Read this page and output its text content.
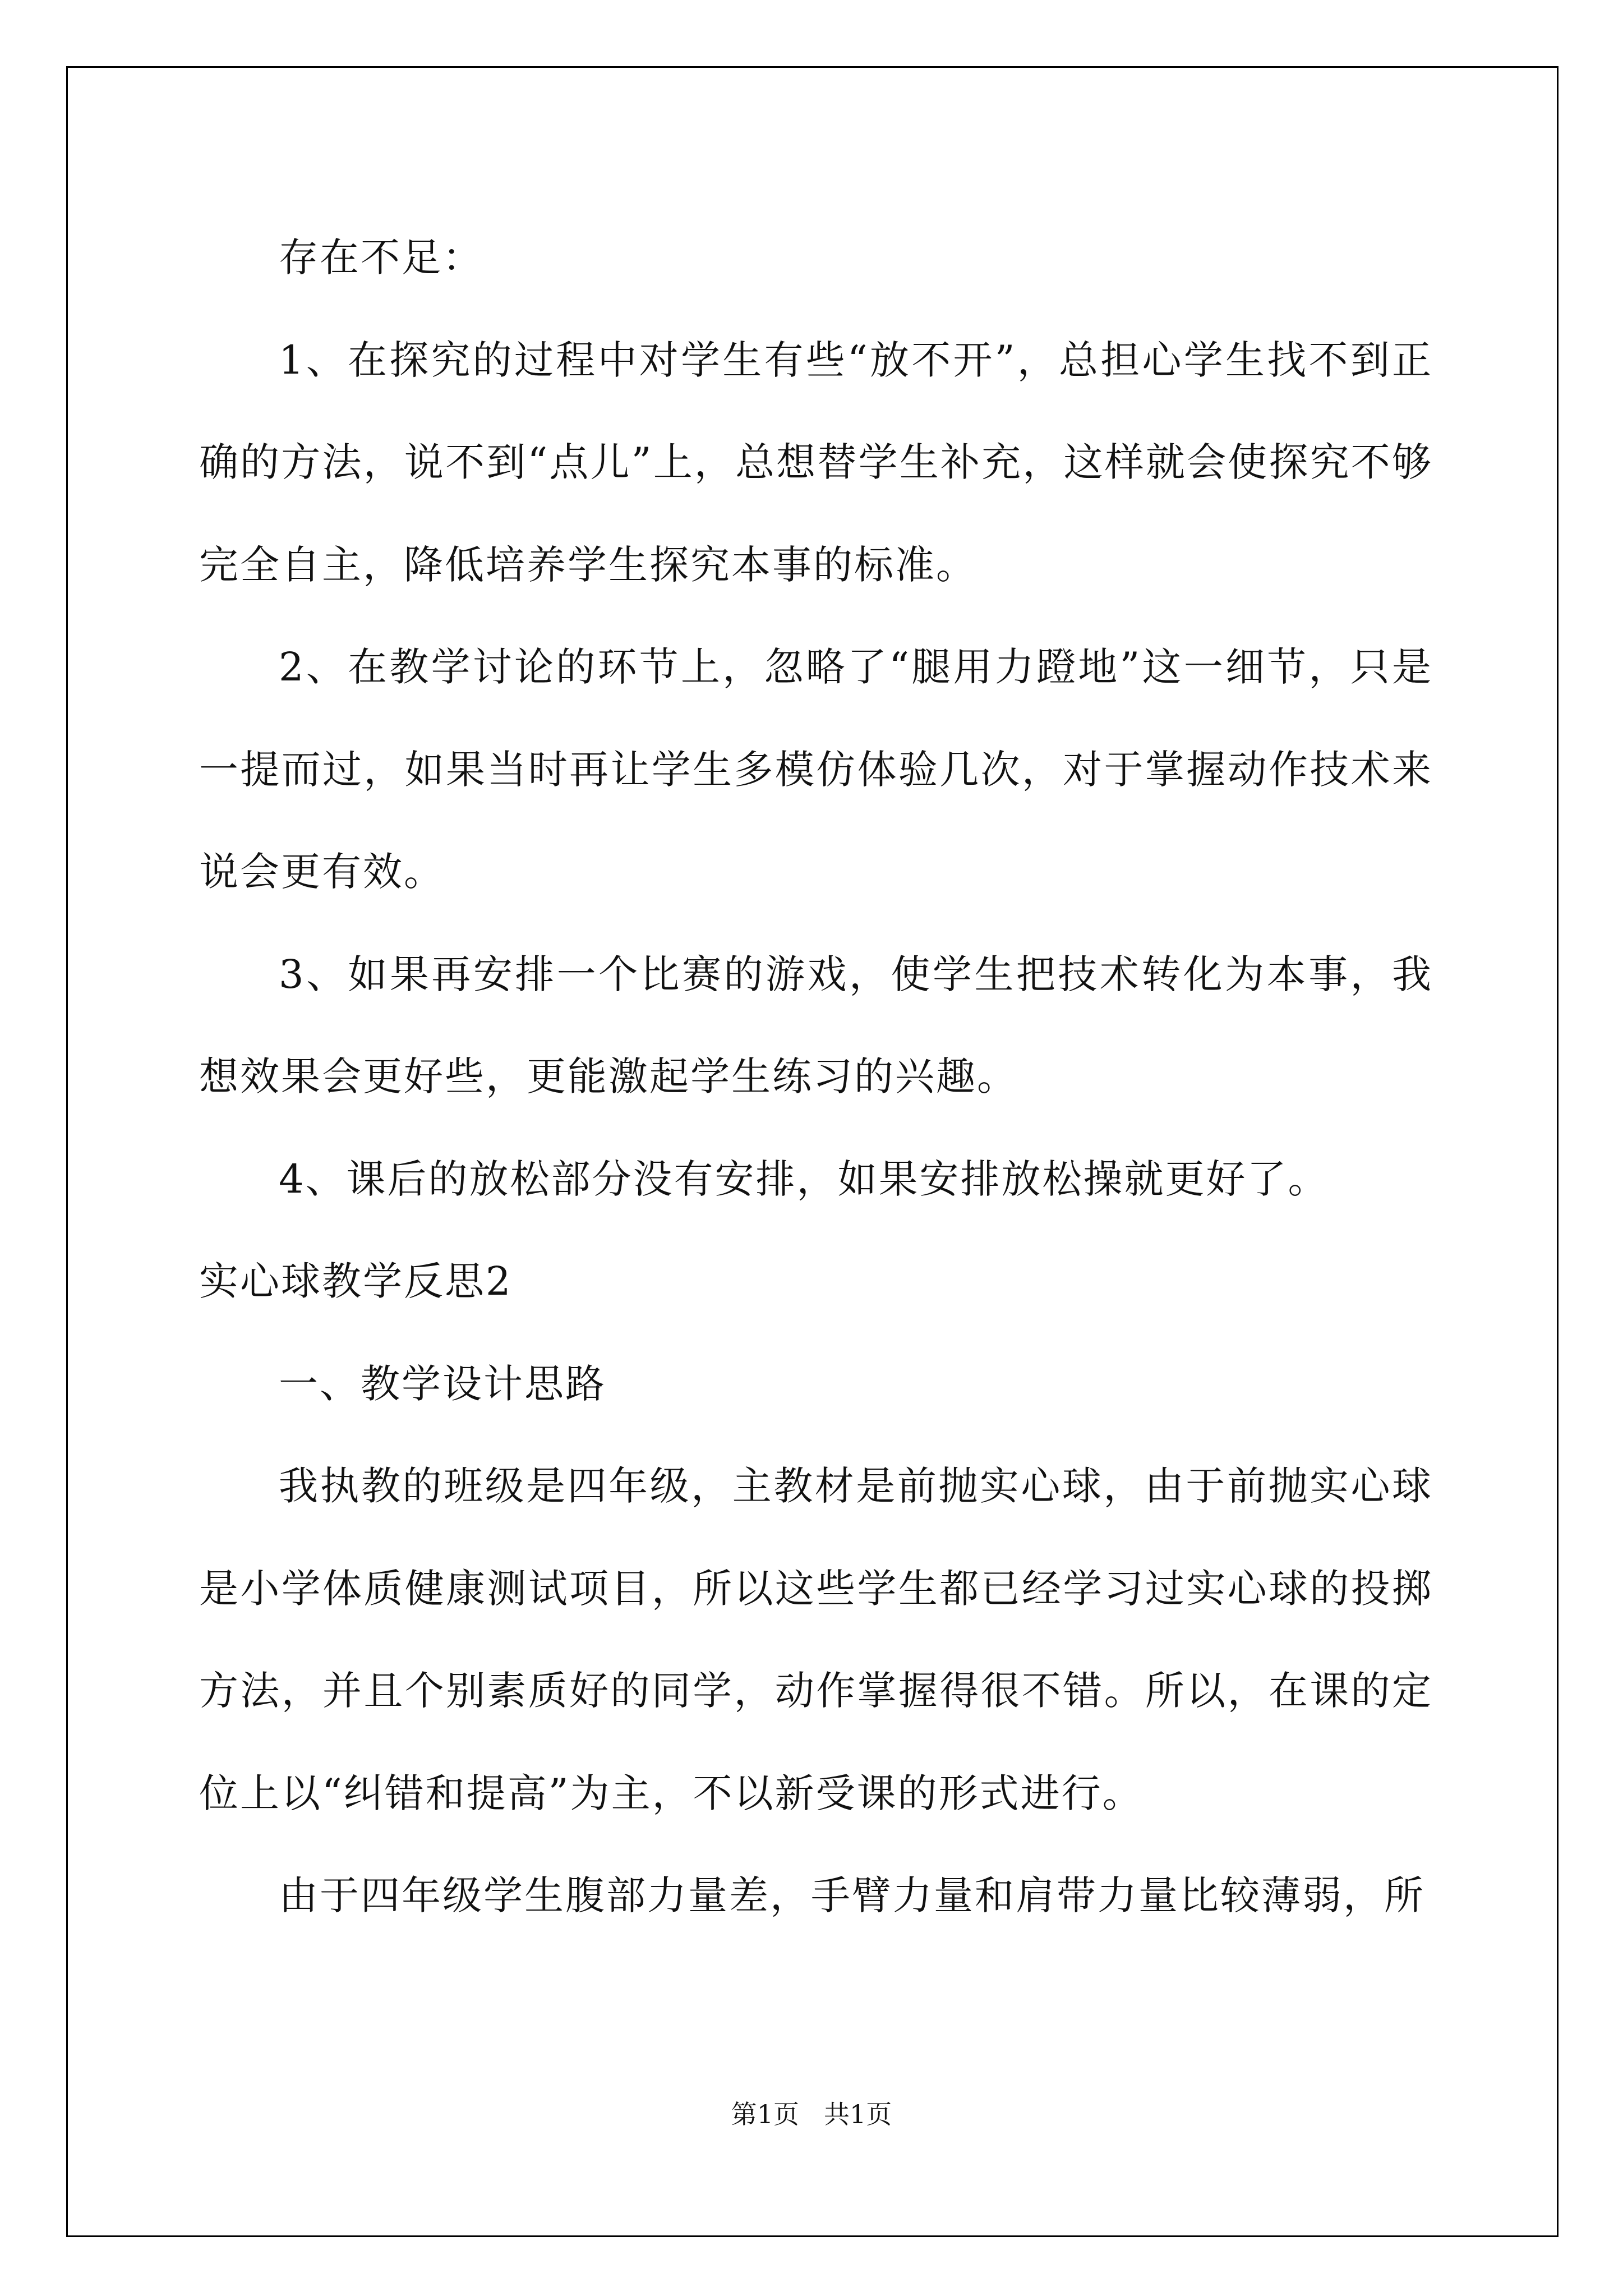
存在不足：

1、在探究的过程中对学生有些“放不开”，总担心学生找不到正确的方法，说不到“点儿”上，总想替学生补充，这样就会使探究不够完全自主，降低培养学生探究本事的标准。

2、在教学讨论的环节上，忽略了“腿用力蹬地”这一细节，只是一提而过，如果当时再让学生多模仿体验几次，对于掌握动作技术来说会更有效。

3、如果再安排一个比赛的游戏，使学生把技术转化为本事，我想效果会更好些，更能激起学生练习的兴趣。

4、课后的放松部分没有安排，如果安排放松操就更好了。

实心球教学反思2

一、教学设计思路

我执教的班级是四年级，主教材是前抛实心球，由于前抛实心球是小学体质健康测试项目，所以这些学生都已经学习过实心球的投掷方法，并且个别素质好的同学，动作掌握得很不错。所以，在课的定位上以“纠错和提高”为主，不以新受课的形式进行。

由于四年级学生腹部力量差，手臂力量和肩带力量比较薄弱，所

第1页 共1页
